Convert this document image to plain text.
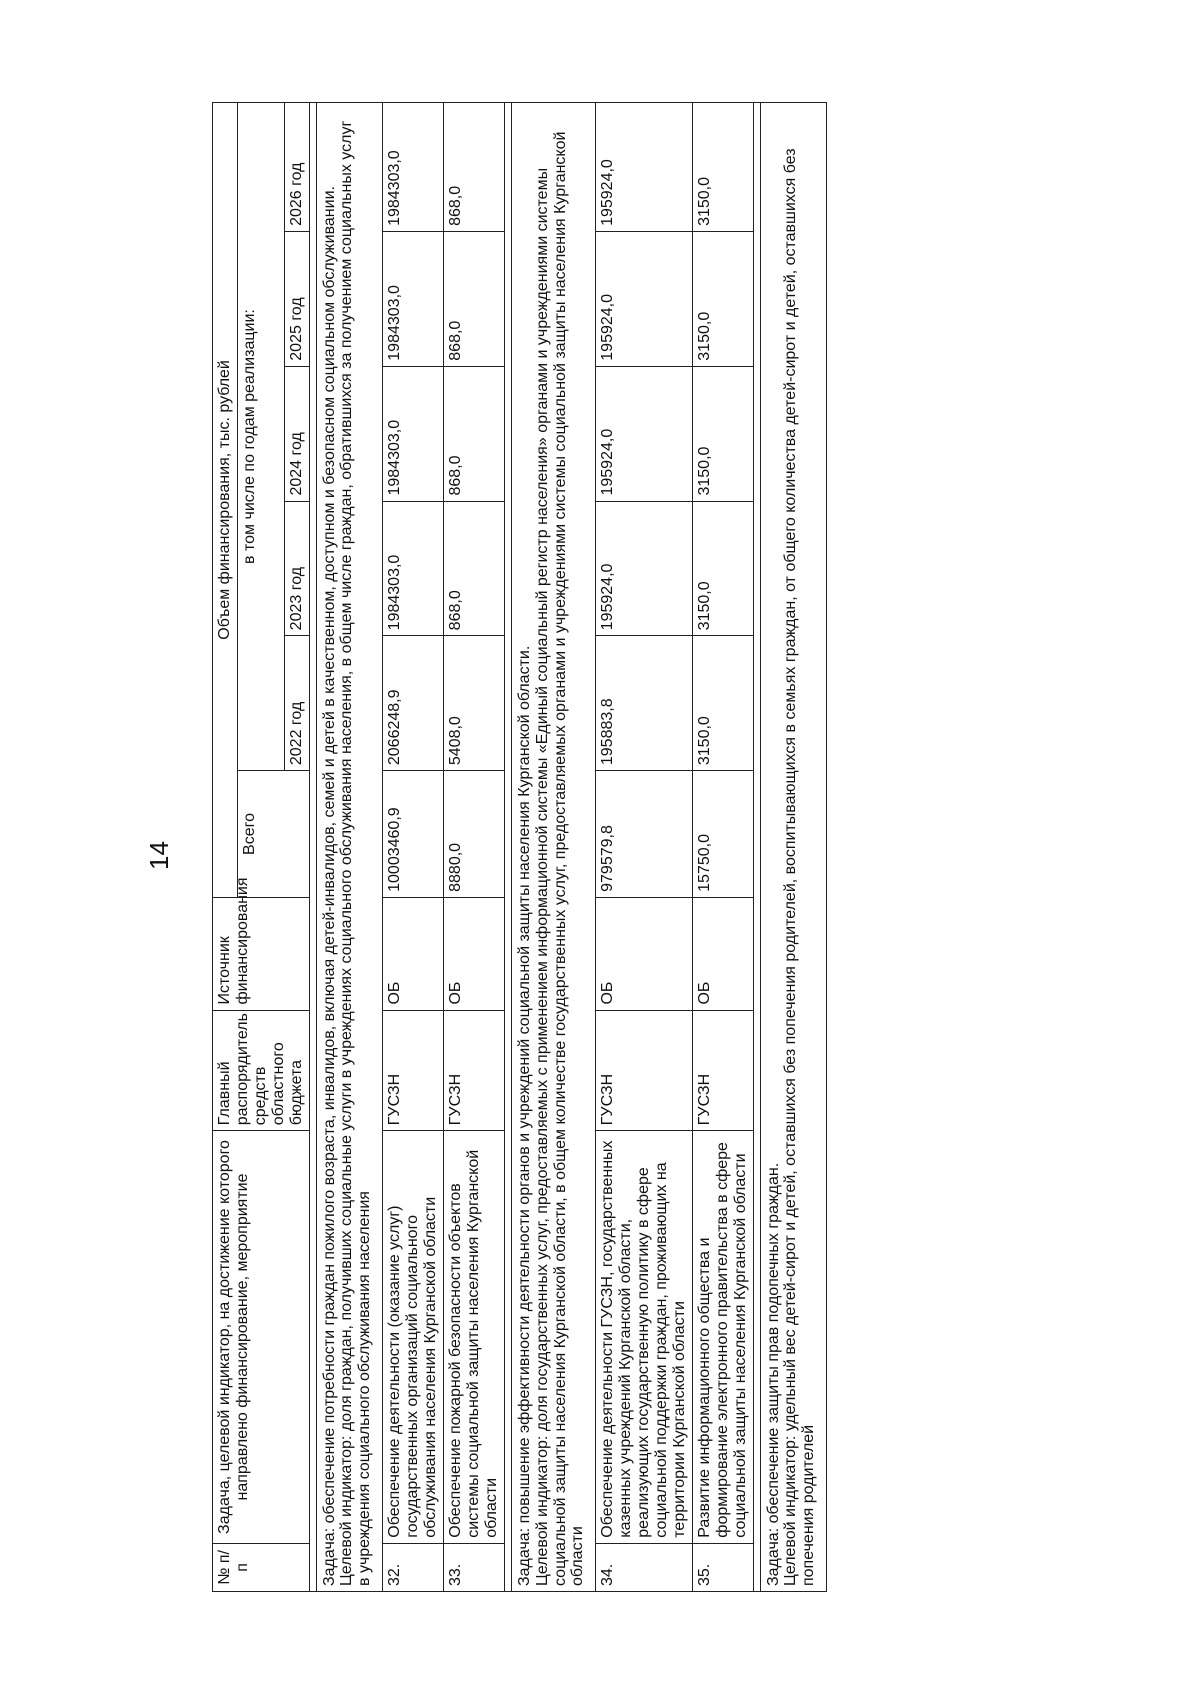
14
№ п/п	Задача, целевой индикатор, на достижение которого направлено финансирование, мероприятие	Главный распорядитель средств областного бюджета	Источник финансирования	Объем финансирования, тыс. рублей					
				Всего	в том числе по годам реализации:				
					2022 год	2023 год	2024 год	2025 год	2026 год

Задача: обеспечение потребности граждан пожилого возраста, инвалидов, включая детей-инвалидов, семей и детей в качественном, доступном и безопасном социальном обслуживании. Целевой индикатор: доля граждан, получивших социальные услуги в учреждениях социального обслуживания населения, в общем числе граждан, обратившихся за получением социальных услуг в учреждения социального обслуживания населения									

32.	Обеспечение деятельности (оказание услуг) государственных организаций социального обслуживания населения Курганской области	ГУСЗН	ОБ	10003460,9	2066248,9	1984303,0	1984303,0	1984303,0	1984303,0
33.	Обеспечение пожарной безопасности объектов системы социальной защиты населения Курганской области	ГУСЗН	ОБ	8880,0	5408,0	868,0	868,0	868,0	868,0

Задача: повышение эффективности деятельности органов и учреждений социальной защиты населения Курганской области. Целевой индикатор: доля государственных услуг, предоставляемых с применением информационной системы «Единый социальный регистр населения» органами и учреждениями системы социальной защиты населения Курганской области, в общем количестве государственных услуг, предоставляемых органами и учреждениями системы социальной защиты населения Курганской области									

34.	Обеспечение деятельности ГУСЗН, государственных казенных учреждений Курганской области, реализующих государственную политику в сфере социальной поддержки граждан, проживающих на территории Курганской области	ГУСЗН	ОБ	979579,8	195883,8	195924,0	195924,0	195924,0	195924,0
35.	Развитие информационного общества и формирование электронного правительства в сфере социальной защиты населения Курганской области	ГУСЗН	ОБ	15750,0	3150,0	3150,0	3150,0	3150,0	3150,0

Задача: обеспечение защиты прав подопечных граждан. Целевой индикатор: удельный вес детей-сирот и детей, оставшихся без попечения родителей, воспитывающихся в семьях граждан, от общего количества детей-сирот и детей, оставшихся без попечения родителей									
